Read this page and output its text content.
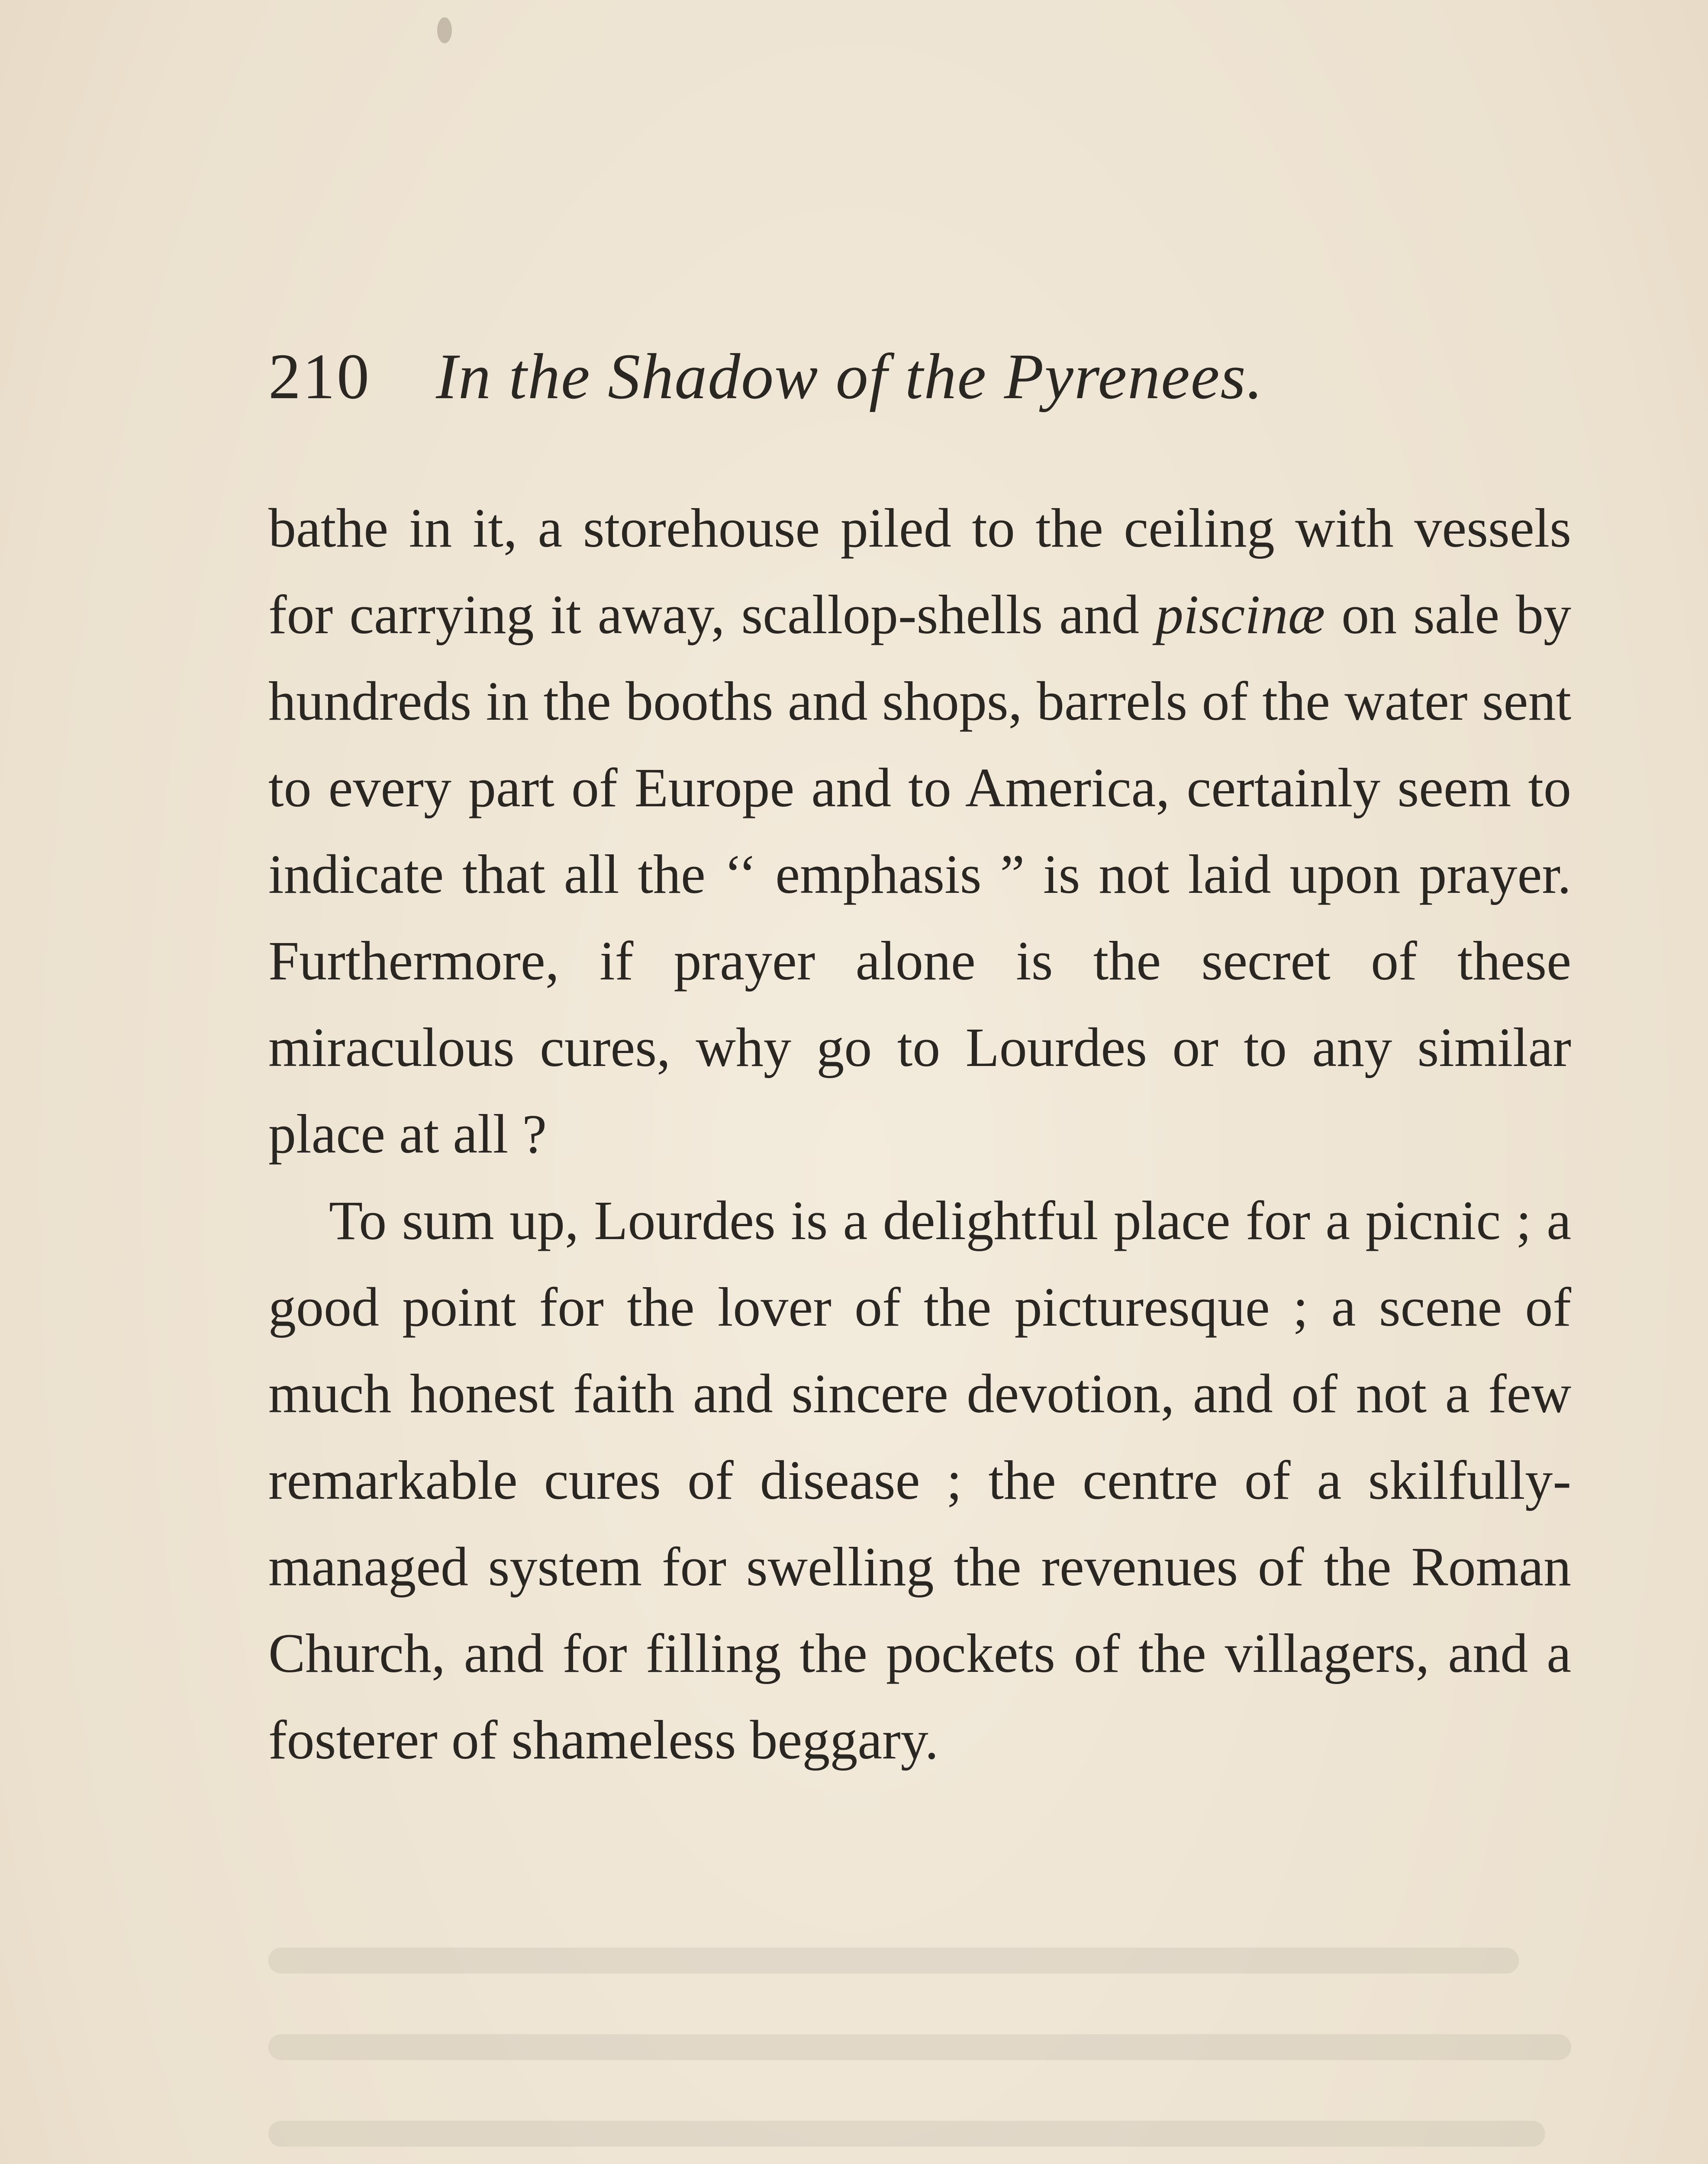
210 In the Shadow of the Pyrenees.

bathe in it, a storehouse piled to the ceiling with vessels for carrying it away, scallop-shells and piscinæ on sale by hundreds in the booths and shops, barrels of the water sent to every part of Europe and to America, certainly seem to indicate that all the ‘‘ emphasis ” is not laid upon prayer. Furthermore, if prayer alone is the secret of these miraculous cures, why go to Lourdes or to any similar place at all ?

To sum up, Lourdes is a delightful place for a picnic ; a good point for the lover of the picturesque ; a scene of much honest faith and sincere devotion, and of not a few remarkable cures of disease ; the centre of a skilfully-managed system for swelling the revenues of the Roman Church, and for filling the pockets of the villagers, and a fosterer of shameless beggary.
